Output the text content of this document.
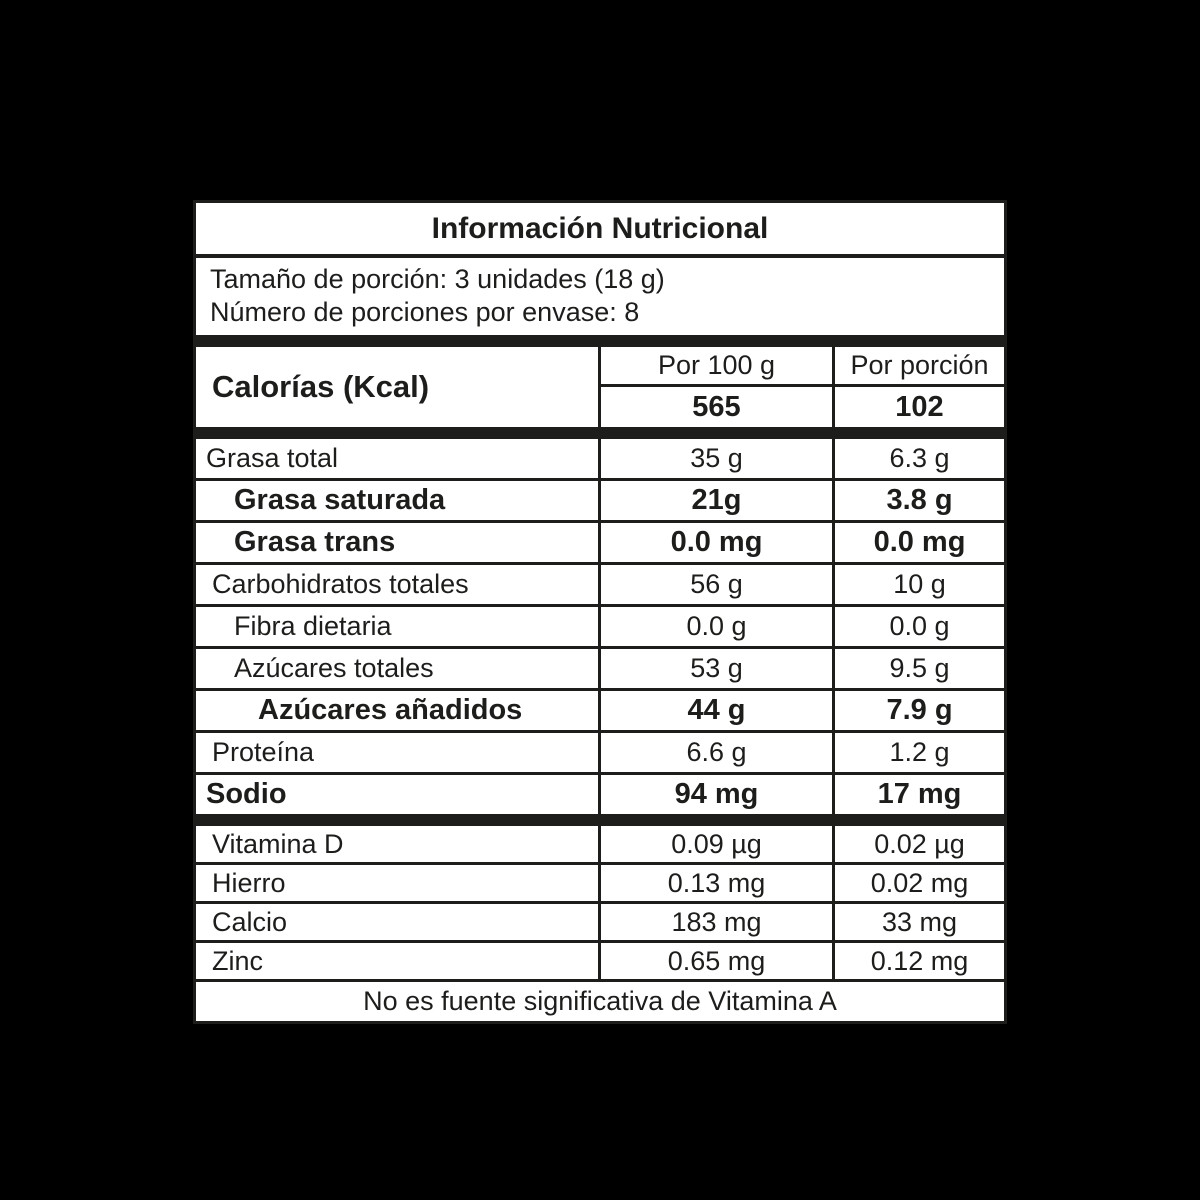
Información Nutricional
Tamaño de porción: 3 unidades (18 g)
Número de porciones por envase: 8
Calorías (Kcal)
Por 100 g	Por porción
565	102
Grasa total	35 g	6.3 g
Grasa saturada	21g	3.8 g
Grasa trans	0.0 mg	0.0 mg
Carbohidratos totales	56 g	10 g
Fibra dietaria	0.0 g	0.0 g
Azúcares totales	53 g	9.5 g
Azúcares añadidos	44 g	7.9 g
Proteína	6.6 g	1.2 g
Sodio	94 mg	17 mg
Vitamina D	0.09 µg	0.02 µg
Hierro	0.13 mg	0.02 mg
Calcio	183 mg	33 mg
Zinc	0.65 mg	0.12 mg
No es fuente significativa de Vitamina A
